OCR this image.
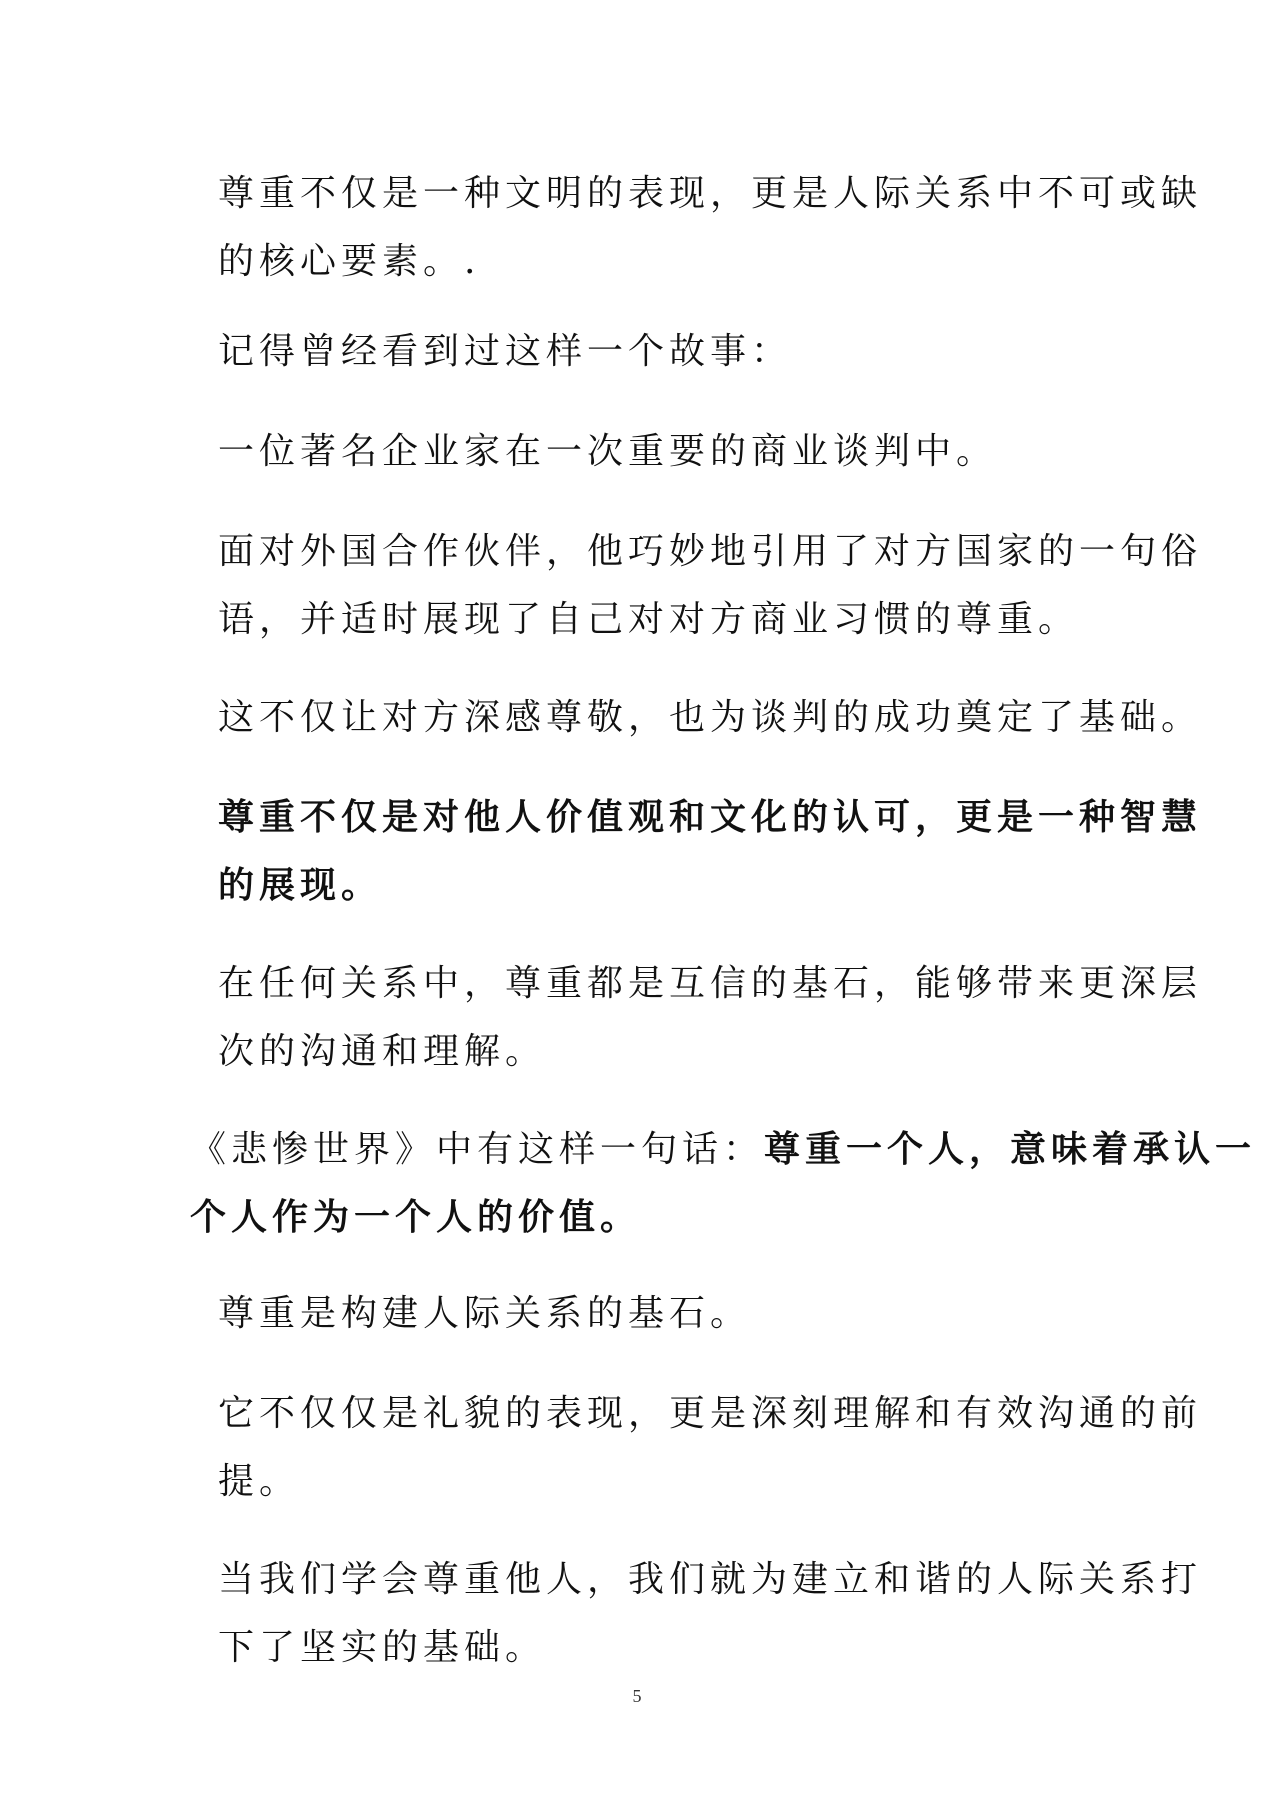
尊重不仅是一种文明的表现，更是人际关系中不可或缺
的核心要素。.

记得曾经看到过这样一个故事：

一位著名企业家在一次重要的商业谈判中。

面对外国合作伙伴，他巧妙地引用了对方国家的一句俗
语，并适时展现了自己对对方商业习惯的尊重。

这不仅让对方深感尊敬，也为谈判的成功奠定了基础。

尊重不仅是对他人价值观和文化的认可，更是一种智慧
的展现。

在任何关系中，尊重都是互信的基石，能够带来更深层
次的沟通和理解。

《悲惨世界》中有这样一句话：尊重一个人，意味着承认一
个人作为一个人的价值。

尊重是构建人际关系的基石。

它不仅仅是礼貌的表现，更是深刻理解和有效沟通的前
提。

当我们学会尊重他人，我们就为建立和谐的人际关系打
下了坚实的基础。

5
